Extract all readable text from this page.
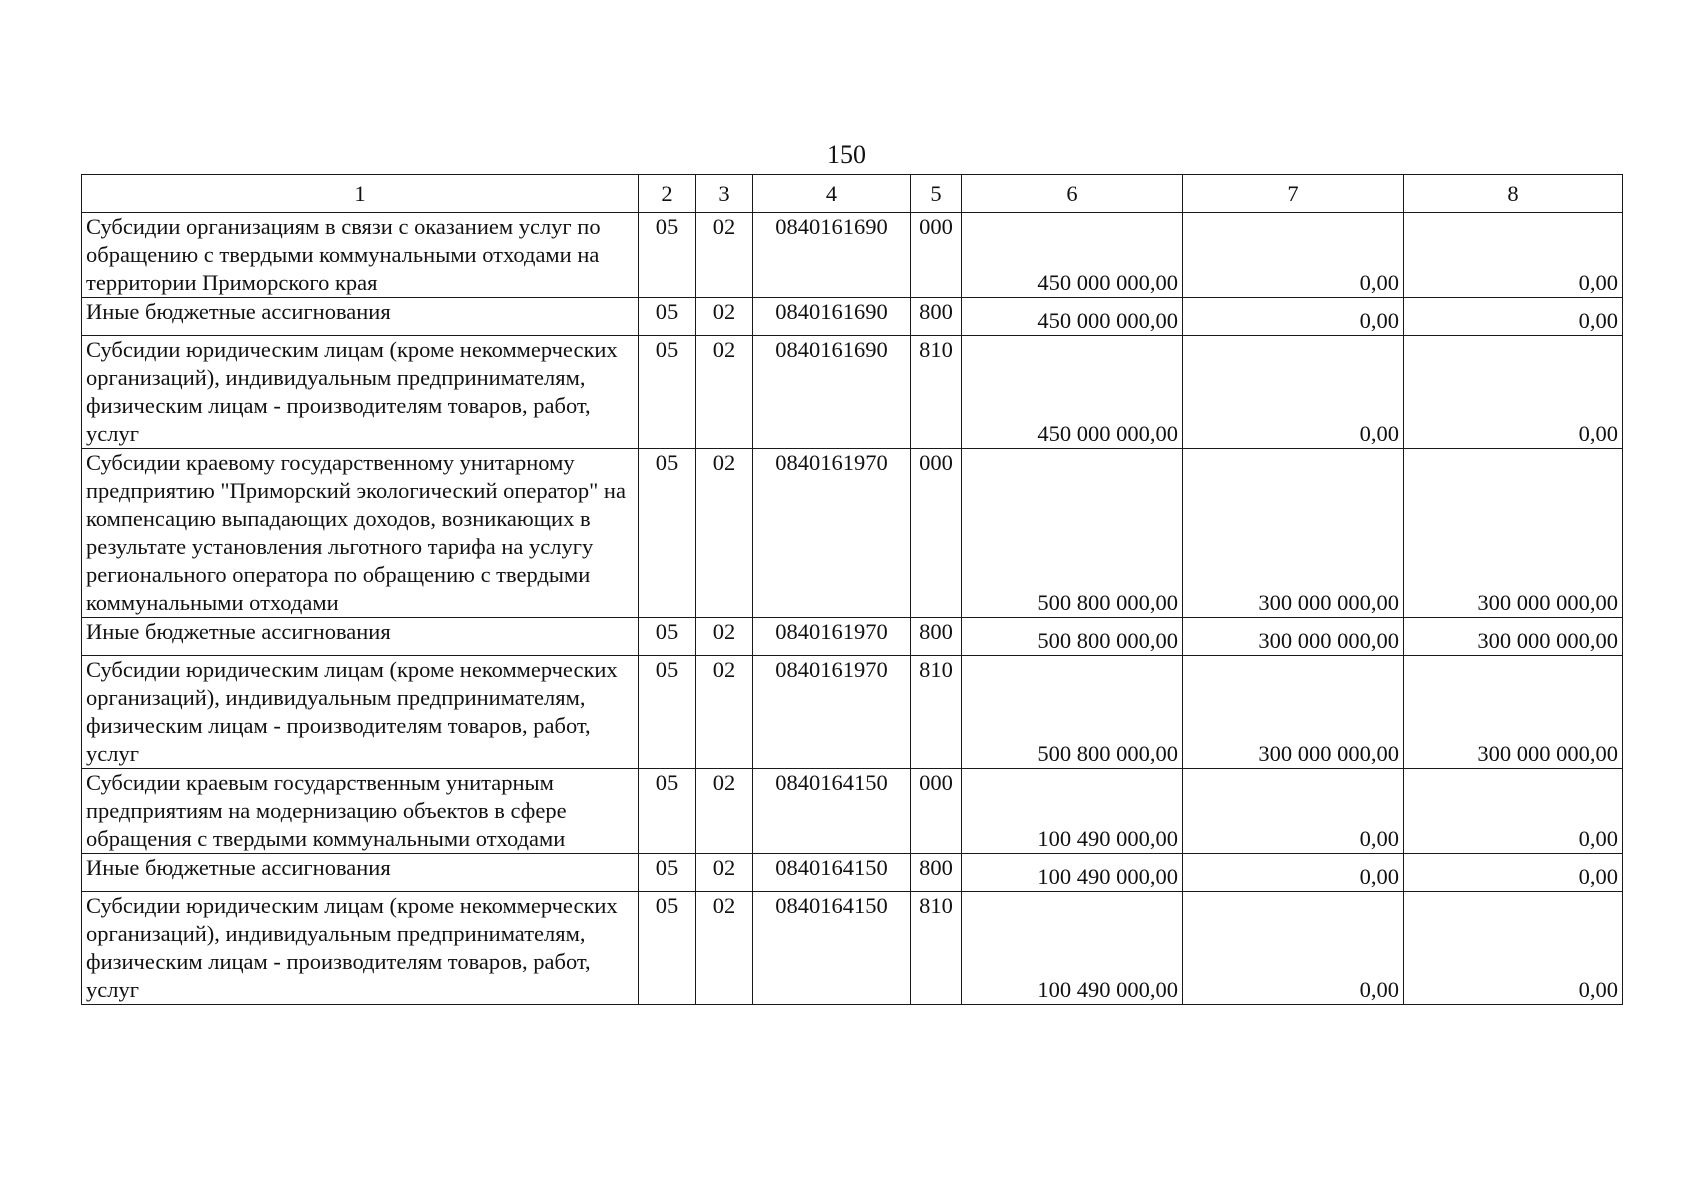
150
1	2	3	4	5	6	7	8
Субсидии организациям в связи с оказанием услуг по обращению с твердыми коммунальными отходами на территории Приморского края	05	02	0840161690	000	450 000 000,00	0,00	0,00
Иные бюджетные ассигнования	05	02	0840161690	800	450 000 000,00	0,00	0,00
Субсидии юридическим лицам (кроме некоммерческих организаций), индивидуальным предпринимателям, физическим лицам - производителям товаров, работ, услуг	05	02	0840161690	810	450 000 000,00	0,00	0,00
Субсидии краевому государственному унитарному предприятию "Приморский экологический оператор" на компенсацию выпадающих доходов, возникающих в результате установления льготного тарифа на услугу регионального оператора по обращению с твердыми коммунальными отходами	05	02	0840161970	000	500 800 000,00	300 000 000,00	300 000 000,00
Иные бюджетные ассигнования	05	02	0840161970	800	500 800 000,00	300 000 000,00	300 000 000,00
Субсидии юридическим лицам (кроме некоммерческих организаций), индивидуальным предпринимателям, физическим лицам - производителям товаров, работ, услуг	05	02	0840161970	810	500 800 000,00	300 000 000,00	300 000 000,00
Субсидии краевым государственным унитарным предприятиям на модернизацию объектов в сфере обращения с твердыми коммунальными отходами	05	02	0840164150	000	100 490 000,00	0,00	0,00
Иные бюджетные ассигнования	05	02	0840164150	800	100 490 000,00	0,00	0,00
Субсидии юридическим лицам (кроме некоммерческих организаций), индивидуальным предпринимателям, физическим лицам - производителям товаров, работ, услуг	05	02	0840164150	810	100 490 000,00	0,00	0,00
